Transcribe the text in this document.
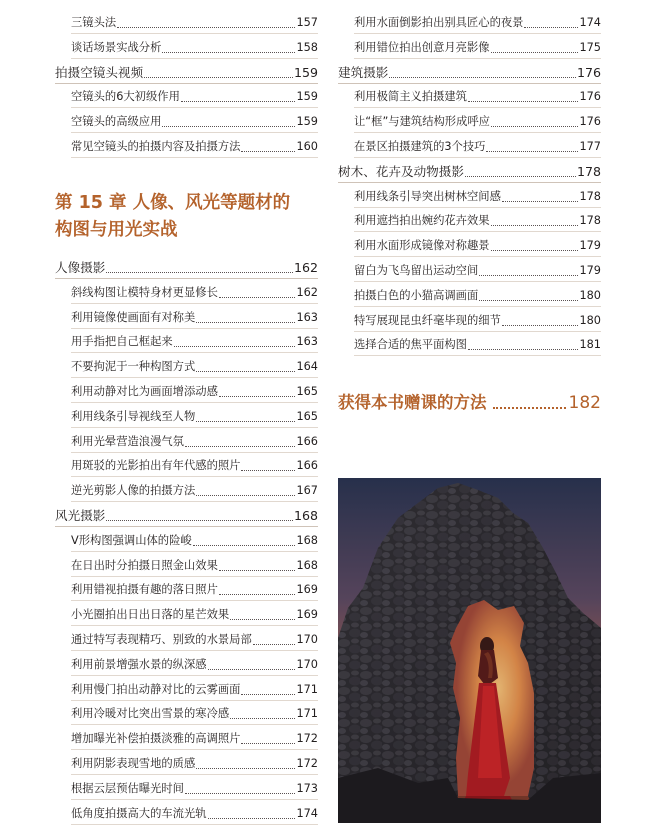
三镜头法	157
谈话场景实战分析	158
拍摄空镜头视频	159
空镜头的6大初级作用	159
空镜头的高级应用	159
常见空镜头的拍摄内容及拍摄方法	160
第 15 章 人像、风光等题材的
构图与用光实战
人像摄影	162
斜线构图让模特身材更显修长	162
利用镜像使画面有对称美	163
用手指把自己框起来	163
不要拘泥于一种构图方式	164
利用动静对比为画面增添动感	165
利用线条引导视线至人物	165
利用光晕营造浪漫气氛	166
用斑驳的光影拍出有年代感的照片	166
逆光剪影人像的拍摄方法	167
风光摄影	168
V形构图强调山体的险峻	168
在日出时分拍摄日照金山效果	168
利用错视拍摄有趣的落日照片	169
小光圈拍出日出日落的星芒效果	169
通过特写表现精巧、别致的水景局部	170
利用前景增强水景的纵深感	170
利用慢门拍出动静对比的云雾画面	171
利用冷暖对比突出雪景的寒冷感	171
增加曝光补偿拍摄淡雅的高调照片	172
利用阴影表现雪地的质感	172
根据云层预估曝光时间	173
低角度拍摄高大的车流光轨	174
利用水面倒影拍出别具匠心的夜景	174
利用错位拍出创意月亮影像	175
建筑摄影	176
利用极简主义拍摄建筑	176
让“框”与建筑结构形成呼应	176
在景区拍摄建筑的3个技巧	177
树木、花卉及动物摄影	178
利用线条引导突出树林空间感	178
利用遮挡拍出婉约花卉效果	178
利用水面形成镜像对称趣景	179
留白为飞鸟留出运动空间	179
拍摄白色的小猫高调画面	180
特写展现昆虫纤毫毕现的细节	180
选择合适的焦平面构图	181
获得本书赠课的方法	182
